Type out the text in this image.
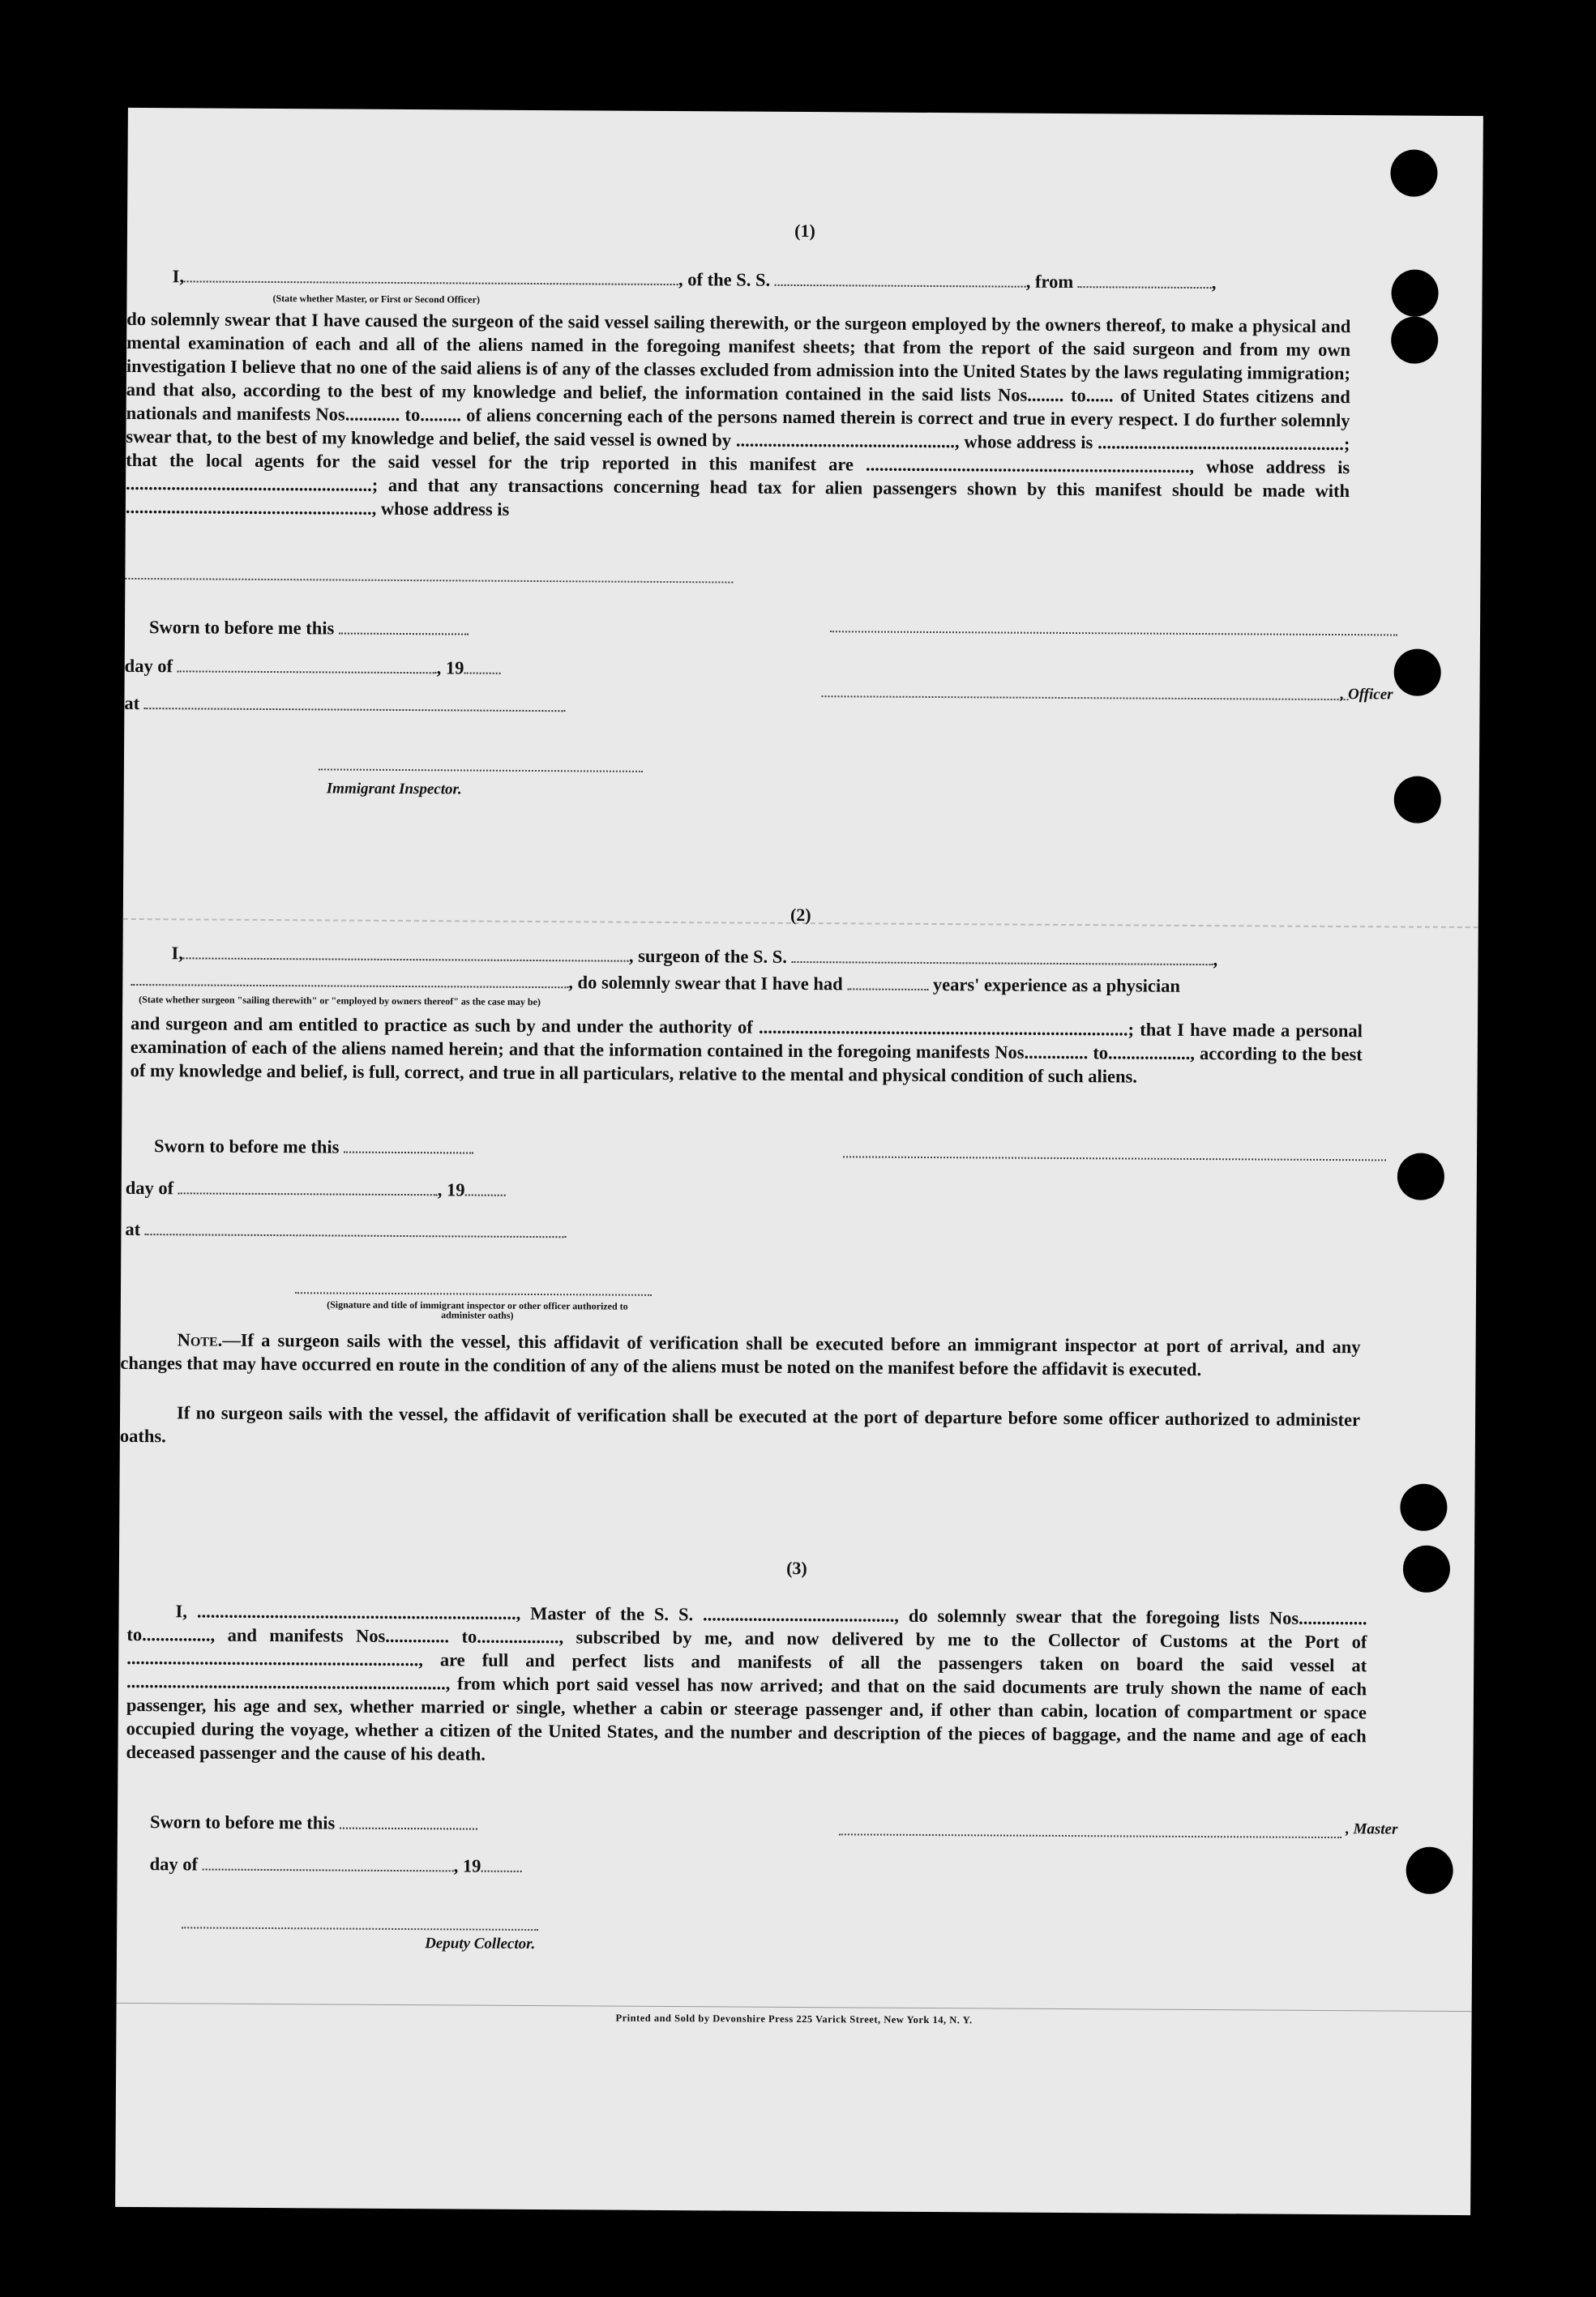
(1)
I,	, of the S. S.	, from	,
(State whether Master, or First or Second Officer)
do solemnly swear that I have caused the surgeon of the said vessel sailing therewith, or the surgeon employed by the owners thereof, to make a physical and mental examination of each and all of the aliens named in the foregoing manifest sheets; that from the report of the said surgeon and from my own investigation I believe that no one of the said aliens is of any of the classes excluded from admission into the United States by the laws regulating immigration; and that also, according to the best of my knowledge and belief, the information contained in the said lists Nos........ to...... of United States citizens and nationals and manifests Nos............ to......... of aliens concerning each of the persons named therein is correct and true in every respect. I do further solemnly swear that, to the best of my knowledge and belief, the said vessel is owned by ................................................, whose address is ......................................................; that the local agents for the said vessel for the trip reported in this manifest are ......................................................................., whose address is ......................................................; and that any transactions concerning head tax for alien passengers shown by this manifest should be made with ......................................................, whose address is
Sworn to before me this
day of	, 19
at
Immigrant Inspector.
, Officer
(2)
I,	, surgeon of the S. S.	,
, do solemnly swear that I have had	years' experience as a physician
(State whether surgeon "sailing therewith" or "employed by owners thereof" as the case may be)
and surgeon and am entitled to practice as such by and under the authority of .................................................................................; that I have made a personal examination of each of the aliens named herein; and that the information contained in the foregoing manifests Nos.............. to.................., according to the best of my knowledge and belief, is full, correct, and true in all particulars, relative to the mental and physical condition of such aliens.
Sworn to before me this
day of	, 19
at
(Signature and title of immigrant inspector or other officer authorized to administer oaths)
Note.—If a surgeon sails with the vessel, this affidavit of verification shall be executed before an immigrant inspector at port of arrival, and any changes that may have occurred en route in the condition of any of the aliens must be noted on the manifest before the affidavit is executed.
If no surgeon sails with the vessel, the affidavit of verification shall be executed at the port of departure before some officer authorized to administer oaths.
(3)
I, ......................................................................, Master of the S. S. .........................................., do solemnly swear that the foregoing lists Nos............... to..............., and manifests Nos.............. to.................., subscribed by me, and now delivered by me to the Collector of Customs at the Port of ................................................................, are full and perfect lists and manifests of all the passengers taken on board the said vessel at ......................................................................, from which port said vessel has now arrived; and that on the said documents are truly shown the name of each passenger, his age and sex, whether married or single, whether a cabin or steerage passenger and, if other than cabin, location of compartment or space occupied during the voyage, whether a citizen of the United States, and the number and description of the pieces of baggage, and the name and age of each deceased passenger and the cause of his death.
Sworn to before me this	, Master
day of	, 19
Deputy Collector.
Printed and Sold by Devonshire Press 225 Varick Street, New York 14, N. Y.
